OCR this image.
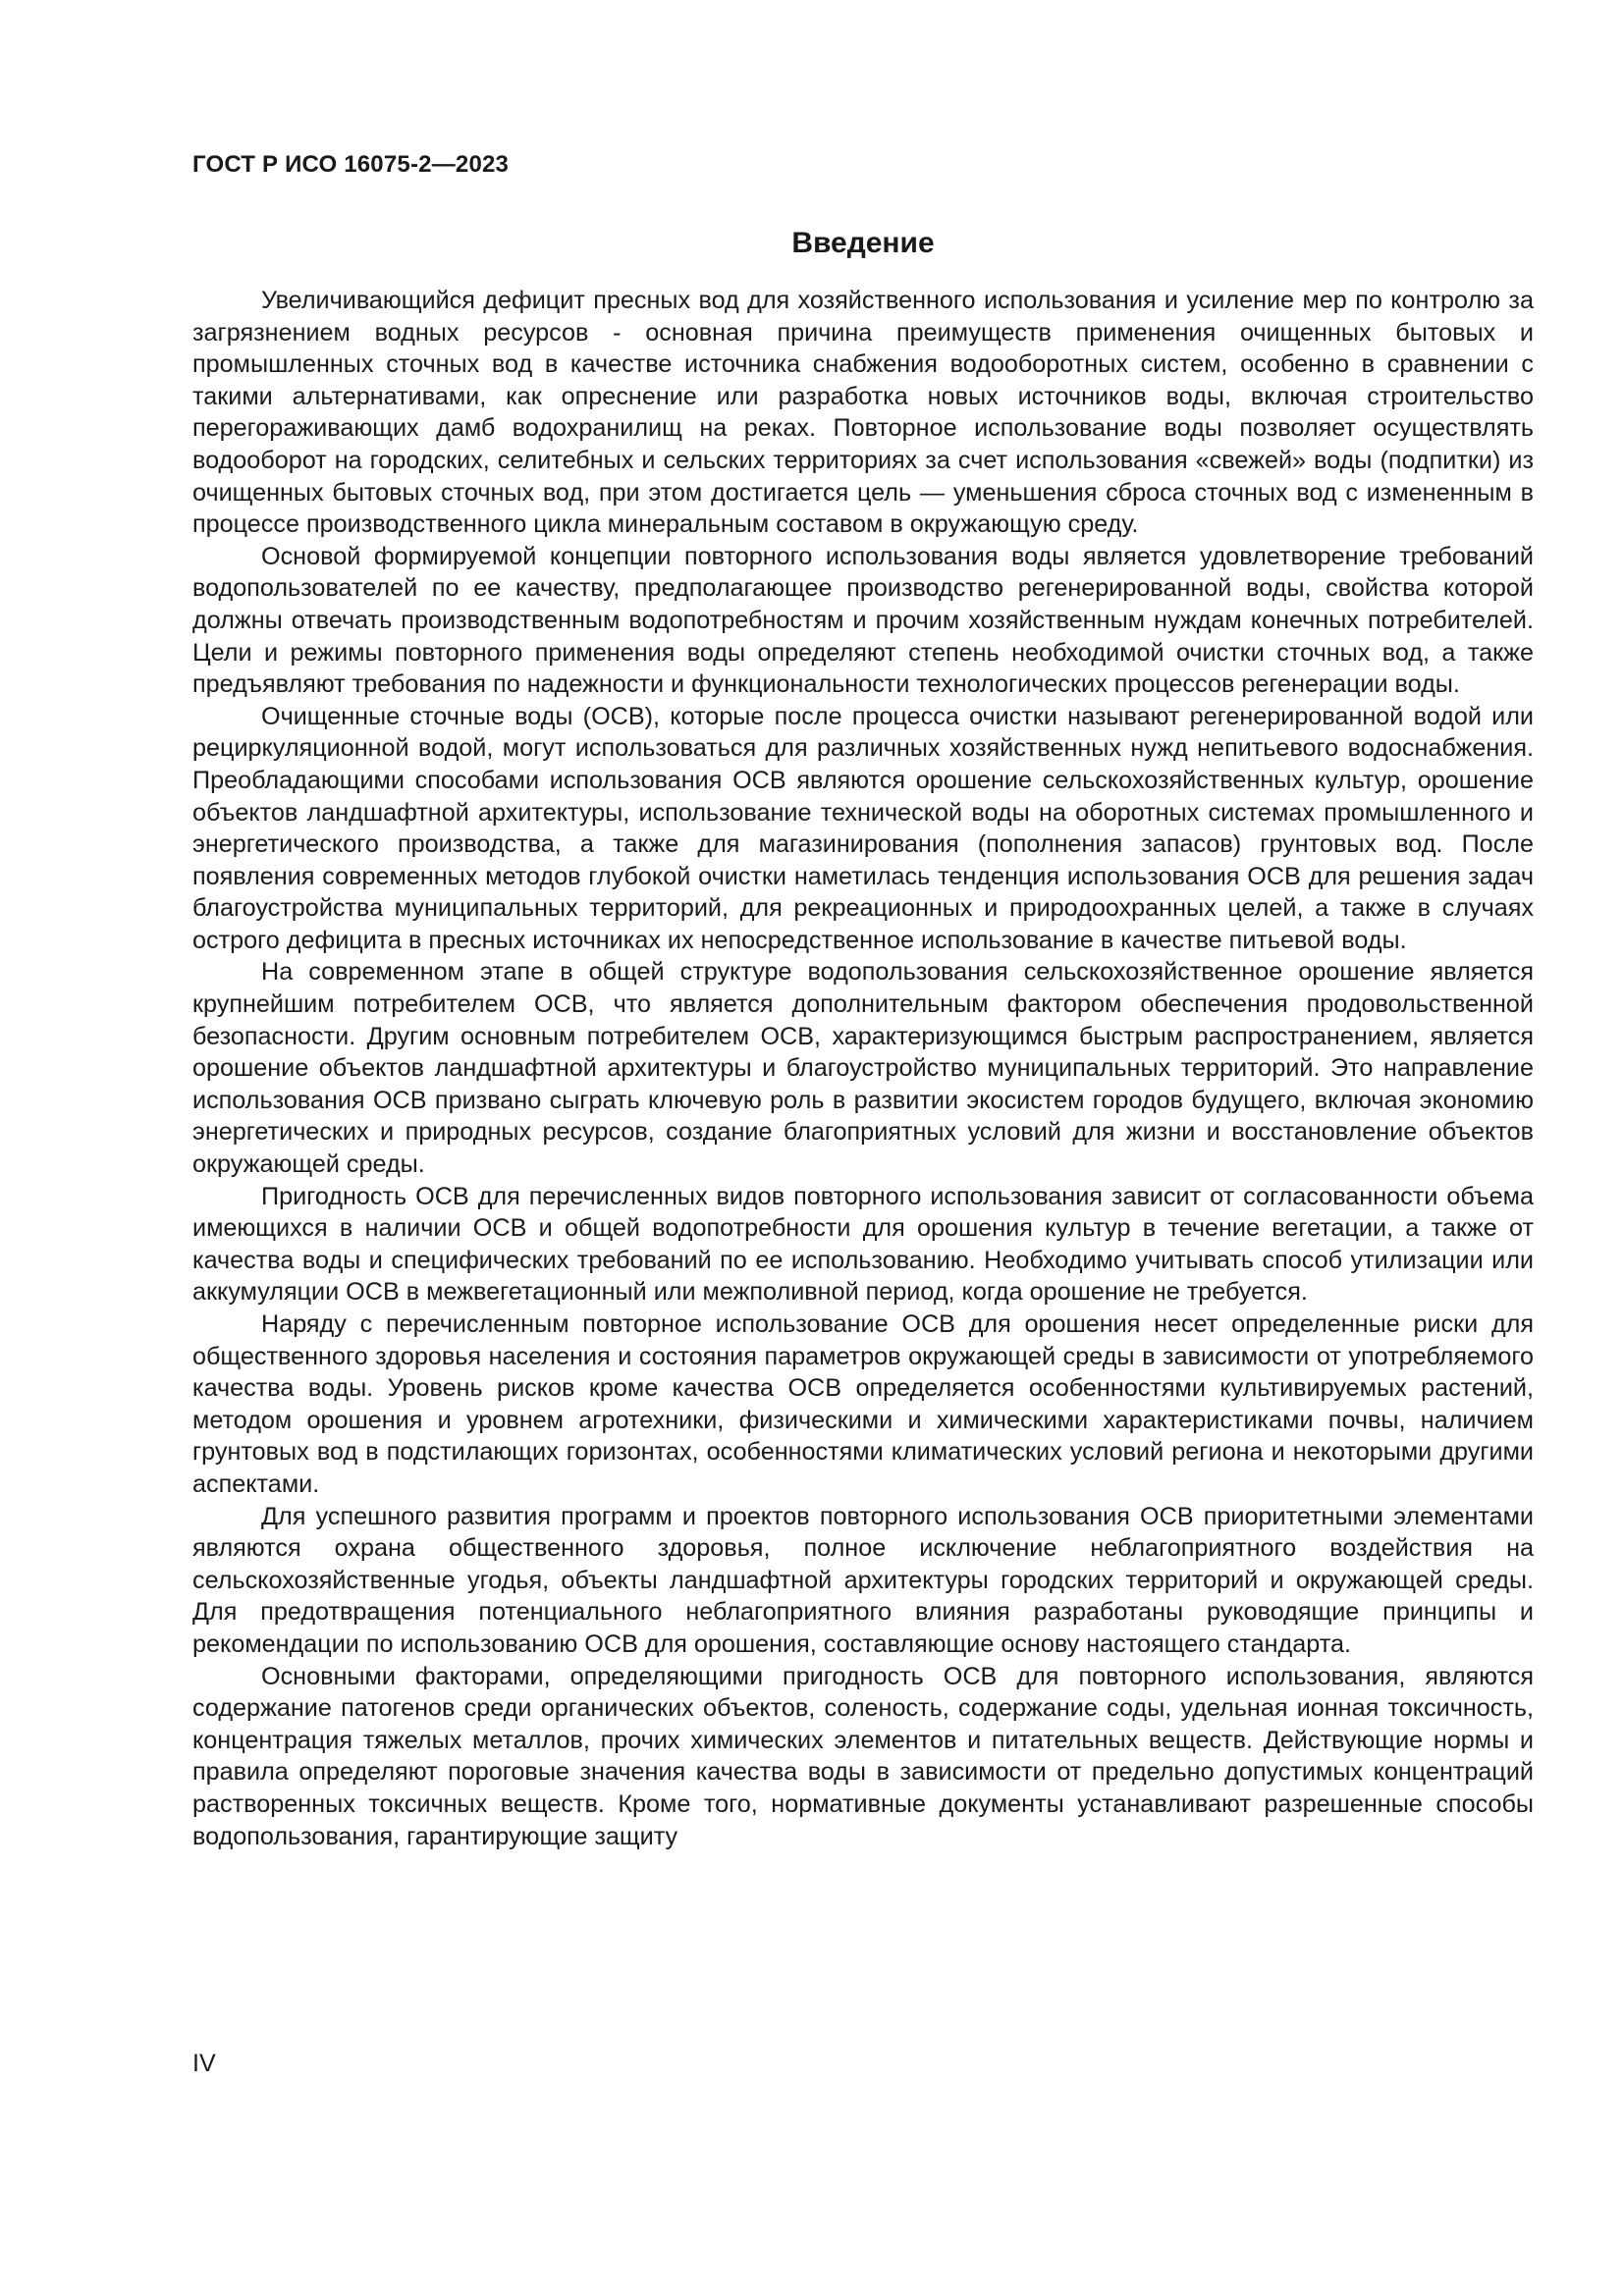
ГОСТ Р ИСО 16075-2—2023

Введение

Увеличивающийся дефицит пресных вод для хозяйственного использования и усиление мер по контролю за загрязнением водных ресурсов - основная причина преимуществ применения очищенных бытовых и промышленных сточных вод в качестве источника снабжения водооборотных систем, особенно в сравнении с такими альтернативами, как опреснение или разработка новых источников воды, включая строительство перегораживающих дамб водохранилищ на реках. Повторное использование воды позволяет осуществлять водооборот на городских, селитебных и сельских территориях за счет использования «свежей» воды (подпитки) из очищенных бытовых сточных вод, при этом достигается цель — уменьшения сброса сточных вод с измененным в процессе производственного цикла минеральным составом в окружающую среду.

Основой формируемой концепции повторного использования воды является удовлетворение требований водопользователей по ее качеству, предполагающее производство регенерированной воды, свойства которой должны отвечать производственным водопотребностям и прочим хозяйственным нуждам конечных потребителей. Цели и режимы повторного применения воды определяют степень необходимой очистки сточных вод, а также предъявляют требования по надежности и функциональности технологических процессов регенерации воды.

Очищенные сточные воды (ОСВ), которые после процесса очистки называют регенерированной водой или рециркуляционной водой, могут использоваться для различных хозяйственных нужд непитьевого водоснабжения. Преобладающими способами использования ОСВ являются орошение сельскохозяйственных культур, орошение объектов ландшафтной архитектуры, использование технической воды на оборотных системах промышленного и энергетического производства, а также для магазинирования (пополнения запасов) грунтовых вод. После появления современных методов глубокой очистки наметилась тенденция использования ОСВ для решения задач благоустройства муниципальных территорий, для рекреационных и природоохранных целей, а также в случаях острого дефицита в пресных источниках их непосредственное использование в качестве питьевой воды.

На современном этапе в общей структуре водопользования сельскохозяйственное орошение является крупнейшим потребителем ОСВ, что является дополнительным фактором обеспечения продовольственной безопасности. Другим основным потребителем ОСВ, характеризующимся быстрым распространением, является орошение объектов ландшафтной архитектуры и благоустройство муниципальных территорий. Это направление использования ОСВ призвано сыграть ключевую роль в развитии экосистем городов будущего, включая экономию энергетических и природных ресурсов, создание благоприятных условий для жизни и восстановление объектов окружающей среды.

Пригодность ОСВ для перечисленных видов повторного использования зависит от согласованности объема имеющихся в наличии ОСВ и общей водопотребности для орошения культур в течение вегетации, а также от качества воды и специфических требований по ее использованию. Необходимо учитывать способ утилизации или аккумуляции ОСВ в межвегетационный или межполивной период, когда орошение не требуется.

Наряду с перечисленным повторное использование ОСВ для орошения несет определенные риски для общественного здоровья населения и состояния параметров окружающей среды в зависимости от употребляемого качества воды. Уровень рисков кроме качества ОСВ определяется особенностями культивируемых растений, методом орошения и уровнем агротехники, физическими и химическими характеристиками почвы, наличием грунтовых вод в подстилающих горизонтах, особенностями климатических условий региона и некоторыми другими аспектами.

Для успешного развития программ и проектов повторного использования ОСВ приоритетными элементами являются охрана общественного здоровья, полное исключение неблагоприятного воздействия на сельскохозяйственные угодья, объекты ландшафтной архитектуры городских территорий и окружающей среды. Для предотвращения потенциального неблагоприятного влияния разработаны руководящие принципы и рекомендации по использованию ОСВ для орошения, составляющие основу настоящего стандарта.

Основными факторами, определяющими пригодность ОСВ для повторного использования, являются содержание патогенов среди органических объектов, соленость, содержание соды, удельная ионная токсичность, концентрация тяжелых металлов, прочих химических элементов и питательных веществ. Действующие нормы и правила определяют пороговые значения качества воды в зависимости от предельно допустимых концентраций растворенных токсичных веществ. Кроме того, нормативные документы устанавливают разрешенные способы водопользования, гарантирующие защиту

IV
